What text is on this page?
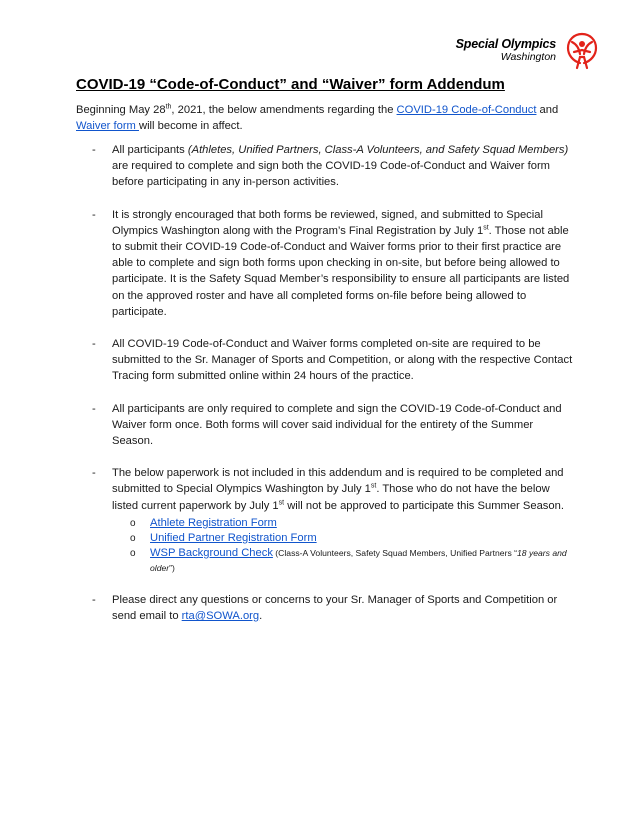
Special Olympics
Washington
COVID-19 “Code-of-Conduct” and “Waiver” form Addendum

Beginning May 28th, 2021, the below amendments regarding the COVID-19 Code-of-Conduct and Waiver form will become in affect.

- All participants (Athletes, Unified Partners, Class-A Volunteers, and Safety Squad Members) are required to complete and sign both the COVID-19 Code-of-Conduct and Waiver form before participating in any in-person activities.
- It is strongly encouraged that both forms be reviewed, signed, and submitted to Special Olympics Washington along with the Program’s Final Registration by July 1st. Those not able to submit their COVID-19 Code-of-Conduct and Waiver forms prior to their first practice are able to complete and sign both forms upon checking in on-site, but before being allowed to participate. It is the Safety Squad Member’s responsibility to ensure all participants are listed on the approved roster and have all completed forms on-file before being allowed to participate.
- All COVID-19 Code-of-Conduct and Waiver forms completed on-site are required to be submitted to the Sr. Manager of Sports and Competition, or along with the respective Contact Tracing form submitted online within 24 hours of the practice.
- All participants are only required to complete and sign the COVID-19 Code-of-Conduct and Waiver form once. Both forms will cover said individual for the entirety of the Summer Season.
- The below paperwork is not included in this addendum and is required to be completed and submitted to Special Olympics Washington by July 1st. Those who do not have the below listed current paperwork by July 1st will not be approved to participate this Summer Season.
o Athlete Registration Form
o Unified Partner Registration Form
o WSP Background Check (Class-A Volunteers, Safety Squad Members, Unified Partners “18 years and older”)
- Please direct any questions or concerns to your Sr. Manager of Sports and Competition or send email to rta@SOWA.org.
